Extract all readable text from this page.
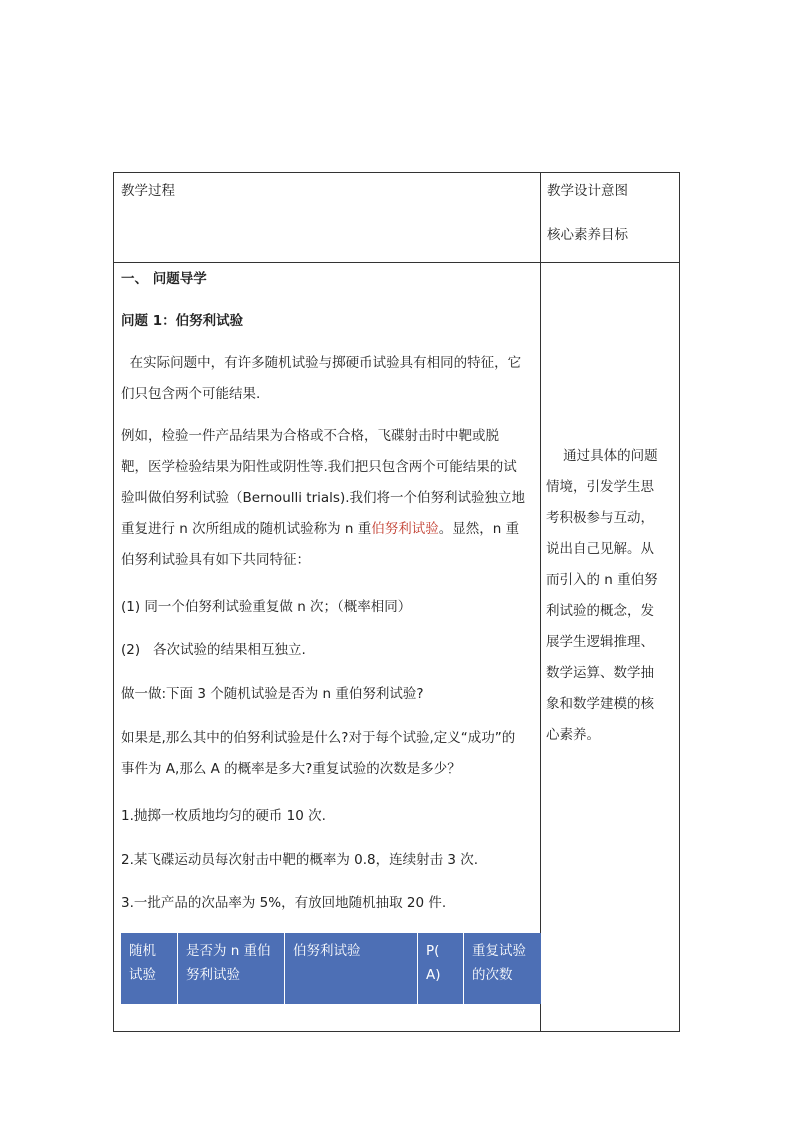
教学过程	教学设计意图
核心素养目标
一、 问题导学
问题 1：伯努利试验
在实际问题中，有许多随机试验与掷硬币试验具有相同的特征，它
们只包含两个可能结果.
例如，检验一件产品结果为合格或不合格，飞碟射击时中靶或脱
靶，医学检验结果为阳性或阴性等.我们把只包含两个可能结果的试
验叫做伯努利试验（Bernoulli trials).我们将一个伯努利试验独立地
重复进行 n 次所组成的随机试验称为 n 重伯努利试验。显然，n 重
伯努利试验具有如下共同特征：
(1) 同一个伯努利试验重复做 n 次；（概率相同）
(2)   各次试验的结果相互独立.
做一做:下面 3 个随机试验是否为 n 重伯努利试验?
如果是,那么其中的伯努利试验是什么?对于每个试验,定义“成功”的
事件为 A,那么 A 的概率是多大?重复试验的次数是多少？
1.抛掷一枚质地均匀的硬币 10 次.
2.某飞碟运动员每次射击中靶的概率为 0.8，连续射击 3 次.
3.一批产品的次品率为 5%，有放回地随机抽取 20 件.
随机
试验
是否为 n 重伯
努利试验
伯努利试验	P(
A)
重复试验
的次数
通过具体的问题
情境，引发学生思
考积极参与互动，
说出自己见解。从
而引入的 n 重伯努
利试验的概念，发
展学生逻辑推理、
数学运算、数学抽
象和数学建模的核
心素养。
